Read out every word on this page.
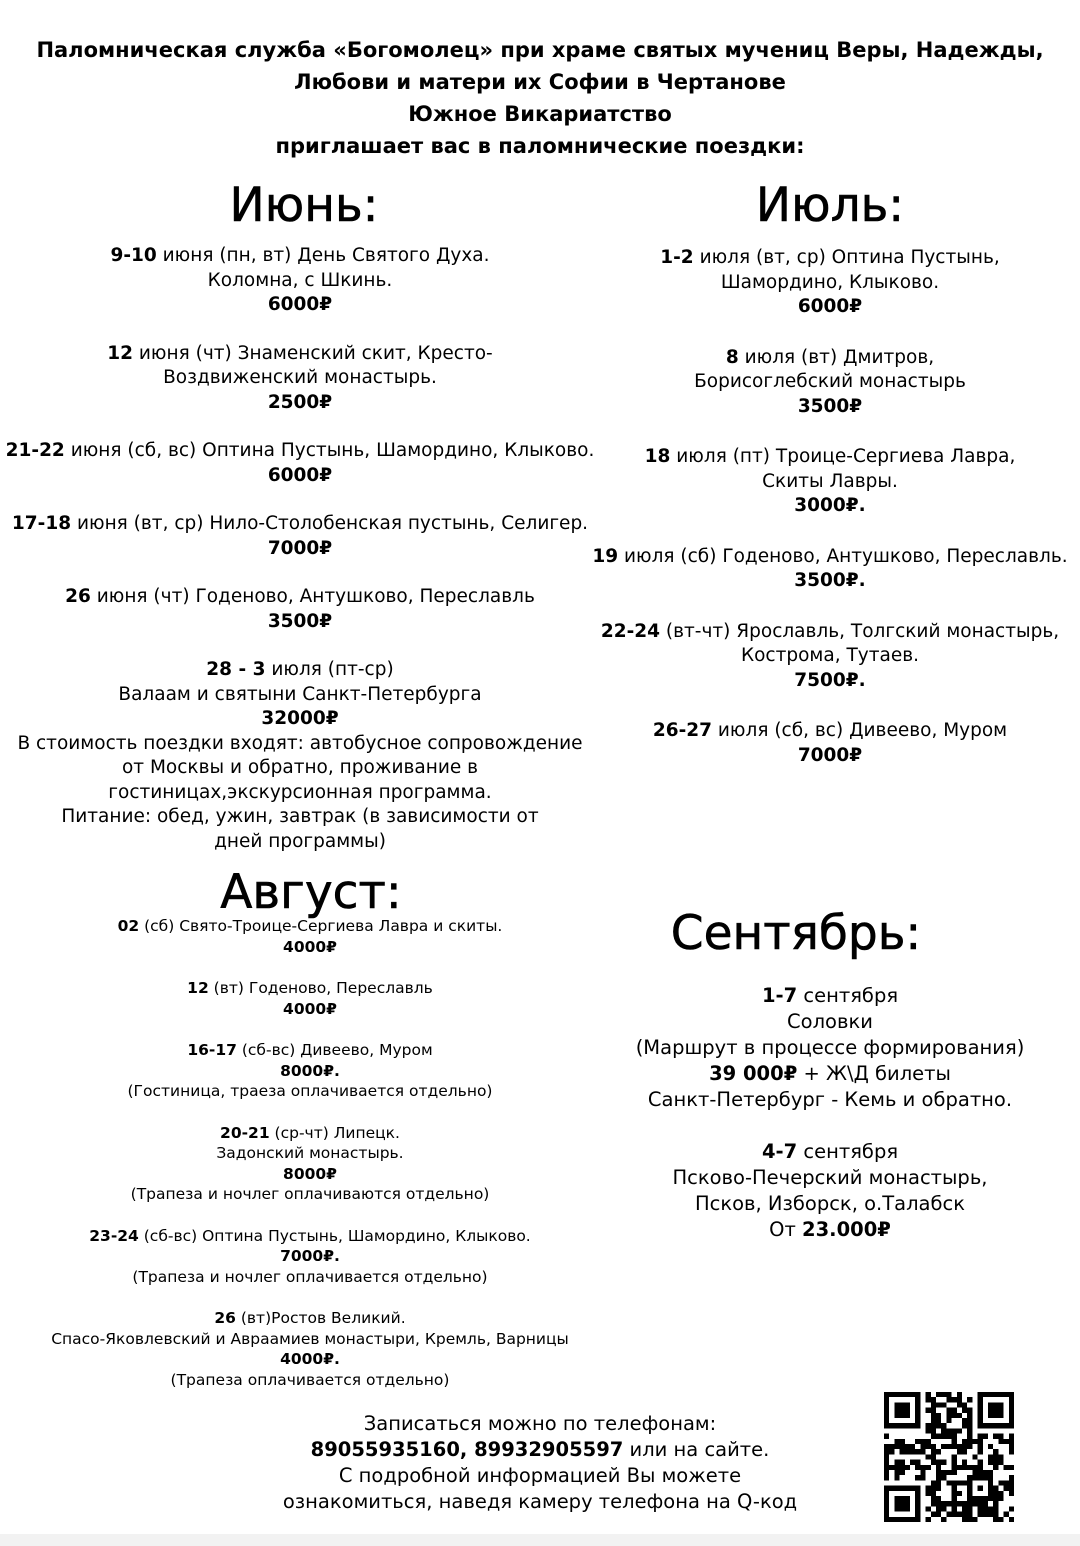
Паломническая служба «Богомолец» при храме святых мучениц Веры, Надежды,
Любови и матери их Софии в Чертанове
Южное Викариатство
приглашает вас в паломнические поездки:
Июнь:
9-10 июня (пн, вт) День Святого Духа.
Коломна, с Шкинь.
6000₽
12 июня (чт) Знаменский скит, Кресто-
Воздвиженский монастырь.
2500₽
21-22 июня (сб, вс) Оптина Пустынь, Шамордино, Клыково.
6000₽
17-18 июня (вт, ср) Нило-Столобенская пустынь, Селигер.
7000₽
26 июня (чт) Годеново, Антушково, Переславль
3500₽
28 - 3 июля (пт-ср)
Валаам и святыни Санкт-Петербурга
32000₽
В стоимость поездки входят: автобусное сопровождение
от Москвы и обратно, проживание в
гостиницах,экскурсионная программа.
Питание: обед, ужин, завтрак (в зависимости от
дней программы)
Июль:
1-2 июля (вт, ср) Оптина Пустынь,
Шамордино, Клыково.
6000₽
8 июля (вт) Дмитров,
Борисоглебский монастырь
3500₽
18 июля (пт) Троице-Сергиева Лавра,
Скиты Лавры.
3000₽.
19 июля (сб) Годеново, Антушково, Переславль.
3500₽.
22-24 (вт-чт) Ярославль, Толгский монастырь,
Кострома, Тутаев.
7500₽.
26-27 июля (сб, вс) Дивеево, Муром
7000₽
Август:
02 (сб) Свято-Троице-Сергиева Лавра и скиты.
4000₽
12 (вт) Годеново, Переславль
4000₽
16-17 (сб-вс) Дивеево, Муром
8000₽.
(Гостиница, траеза оплачивается отдельно)
20-21 (ср-чт) Липецк.
Задонский монастырь.
8000₽
(Трапеза и ночлег оплачиваются отдельно)
23-24 (сб-вс) Оптина Пустынь, Шамордино, Клыково.
7000₽.
(Трапеза и ночлег оплачивается отдельно)
26 (вт)Ростов Великий.
Спасо-Яковлевский и Авраамиев монастыри, Кремль, Варницы
4000₽.
(Трапеза оплачивается отдельно)
Сентябрь:
1-7 сентября
Соловки
(Маршрут в процессе формирования)
39 000₽ + Ж\Д билеты
Санкт-Петербург - Кемь и обратно.
4-7 сентября
Псково-Печерский монастырь,
Псков, Изборск, о.Талабск
От 23.000₽
Записаться можно по телефонам:
89055935160, 89932905597 или на сайте.
С подробной информацией Вы можете
ознакомиться, наведя камеру телефона на Q-код
